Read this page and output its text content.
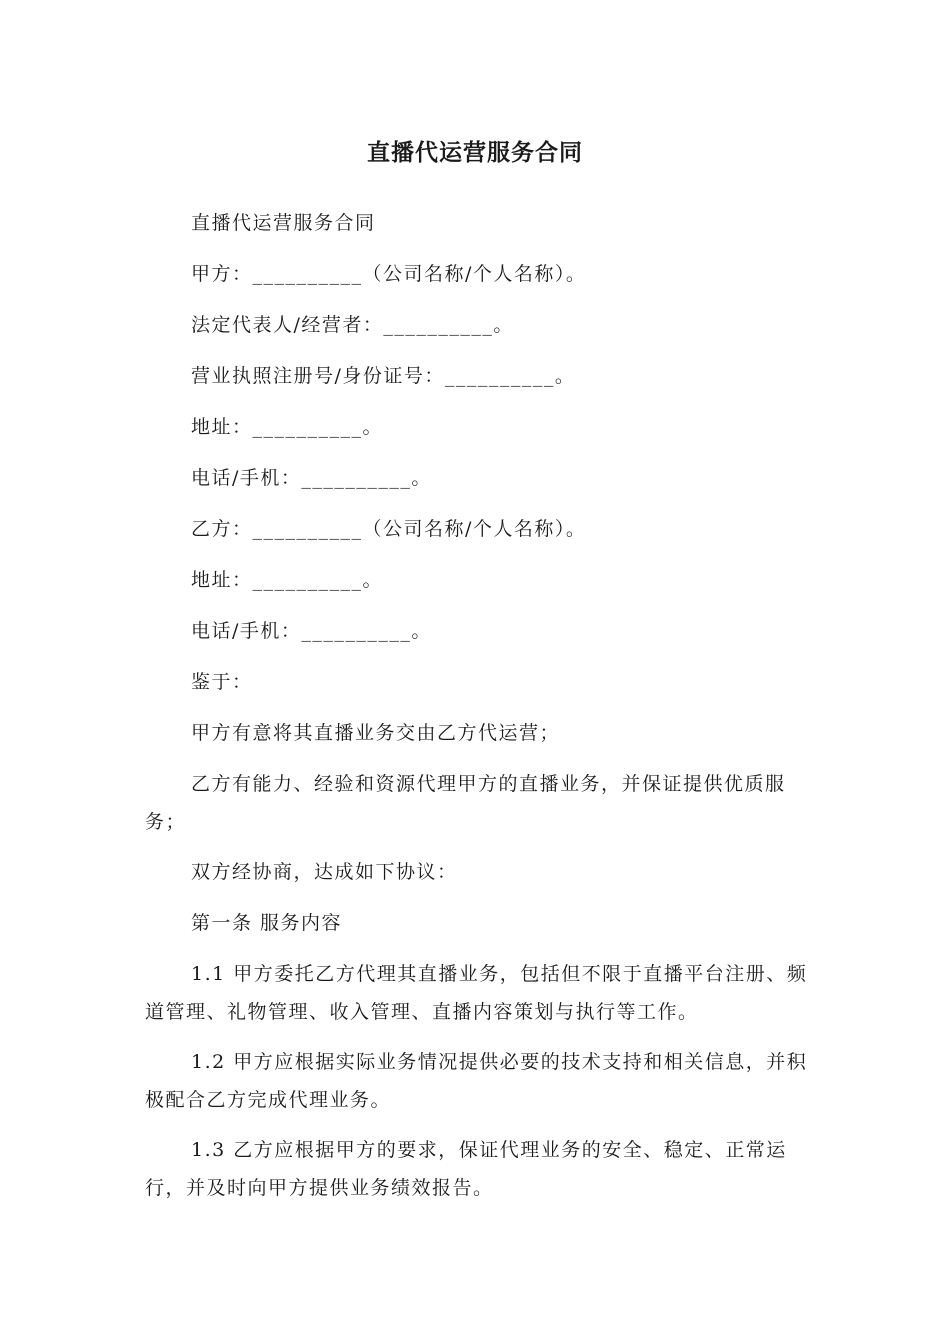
直播代运营服务合同

直播代运营服务合同

甲方：__________（公司名称/个人名称）。

法定代表人/经营者：__________。

营业执照注册号/身份证号：__________。

地址：__________。

电话/手机：__________。

乙方：__________（公司名称/个人名称）。

地址：__________。

电话/手机：__________。

鉴于：

甲方有意将其直播业务交由乙方代运营；

乙方有能力、经验和资源代理甲方的直播业务，并保证提供优质服务；

双方经协商，达成如下协议：

第一条 服务内容

1.1 甲方委托乙方代理其直播业务，包括但不限于直播平台注册、频道管理、礼物管理、收入管理、直播内容策划与执行等工作。

1.2 甲方应根据实际业务情况提供必要的技术支持和相关信息，并积极配合乙方完成代理业务。

1.3 乙方应根据甲方的要求，保证代理业务的安全、稳定、正常运行，并及时向甲方提供业务绩效报告。
